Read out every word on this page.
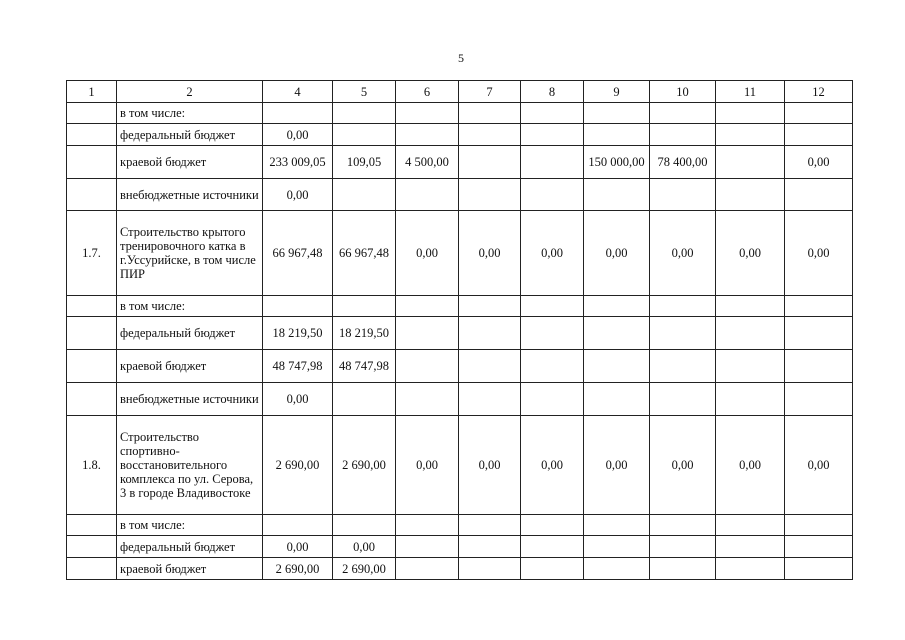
5
1	2	4	5	6	7	8	9	10	11	12
	в том числе:									
	федеральный бюджет	0,00								
	краевой бюджет	233 009,05	109,05	4 500,00			150 000,00	78 400,00		0,00
	внебюджетные источники	0,00								
1.7.	Строительство крытого тренировочного катка в г.Уссурийске, в том числе ПИР	66 967,48	66 967,48	0,00	0,00	0,00	0,00	0,00	0,00	0,00
	в том числе:									
	федеральный бюджет	18 219,50	18 219,50							
	краевой бюджет	48 747,98	48 747,98							
	внебюджетные источники	0,00								
1.8.	Строительство спортивно-восстановительного комплекса по ул. Серова, 3 в городе Владивостоке	2 690,00	2 690,00	0,00	0,00	0,00	0,00	0,00	0,00	0,00
	в том числе:									
	федеральный бюджет	0,00	0,00							
	краевой бюджет	2 690,00	2 690,00							
